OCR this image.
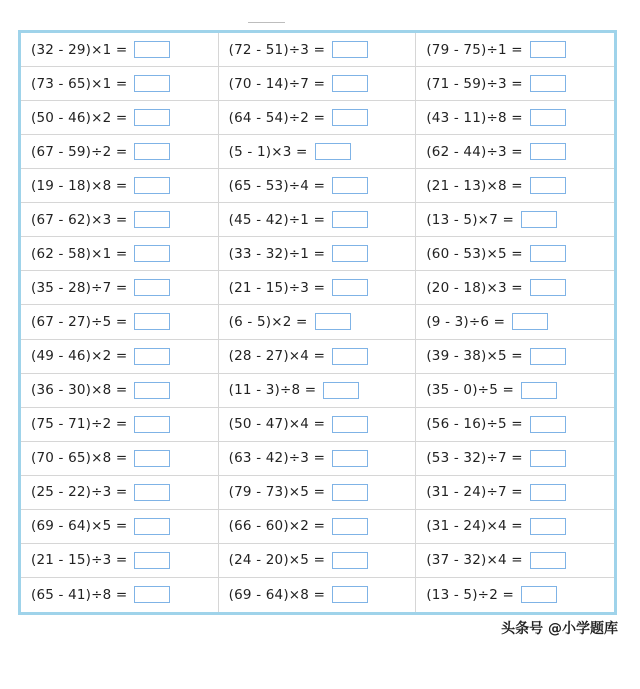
(32 - 29)×1 =	(72 - 51)÷3 =	(79 - 75)÷1 =
(73 - 65)×1 =	(70 - 14)÷7 =	(71 - 59)÷3 =
(50 - 46)×2 =	(64 - 54)÷2 =	(43 - 11)÷8 =
(67 - 59)÷2 =	(5 - 1)×3 =	(62 - 44)÷3 =
(19 - 18)×8 =	(65 - 53)÷4 =	(21 - 13)×8 =
(67 - 62)×3 =	(45 - 42)÷1 =	(13 - 5)×7 =
(62 - 58)×1 =	(33 - 32)÷1 =	(60 - 53)×5 =
(35 - 28)÷7 =	(21 - 15)÷3 =	(20 - 18)×3 =
(67 - 27)÷5 =	(6 - 5)×2 =	(9 - 3)÷6 =
(49 - 46)×2 =	(28 - 27)×4 =	(39 - 38)×5 =
(36 - 30)×8 =	(11 - 3)÷8 =	(35 - 0)÷5 =
(75 - 71)÷2 =	(50 - 47)×4 =	(56 - 16)÷5 =
(70 - 65)×8 =	(63 - 42)÷3 =	(53 - 32)÷7 =
(25 - 22)÷3 =	(79 - 73)×5 =	(31 - 24)÷7 =
(69 - 64)×5 =	(66 - 60)×2 =	(31 - 24)×4 =
(21 - 15)÷3 =	(24 - 20)×5 =	(37 - 32)×4 =
(65 - 41)÷8 =	(69 - 64)×8 =	(13 - 5)÷2 =
头条号 @小学题库
